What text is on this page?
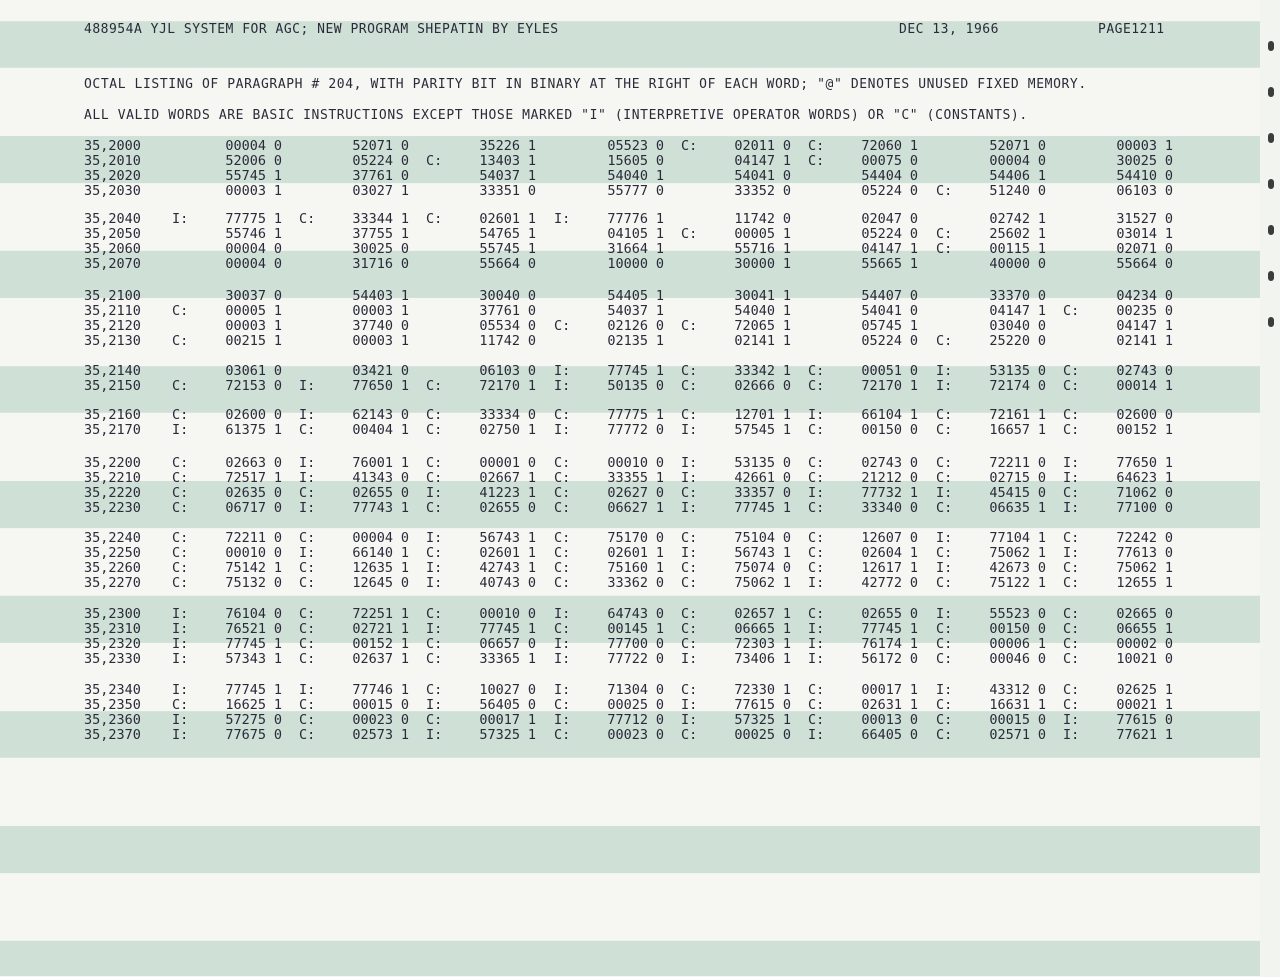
488954A YJL SYSTEM FOR AGC; NEW PROGRAM SHEPATIN BY EYLES	DEC 13, 1966	PAGE1211
OCTAL LISTING OF PARAGRAPH # 204, WITH PARITY BIT IN BINARY AT THE RIGHT OF EACH WORD; "@" DENOTES UNUSED FIXED MEMORY.
ALL VALID WORDS ARE BASIC INSTRUCTIONS EXCEPT THOSE MARKED "I" (INTERPRETIVE OPERATOR WORDS) OR "C" (CONSTANTS).
35,2000	00004 0	52071 0	35226 1	05523 0 C:	02011 0 C:	72060 1	52071 0	00003 1
35,2010	52006 0	05224 0 C:	13403 1	15605 0	04147 1 C:	00075 0	00004 0	30025 0
35,2020	55745 1	37761 0	54037 1	54040 1	54041 0	54404 0	54406 1	54410 0
35,2030	00003 1	03027 1	33351 0	55777 0	33352 0	05224 0 C:	51240 0	06103 0
35,2040	I:	77775 1 C:	33344 1 C:	02601 1 I:	77776 1	11742 0	02047 0	02742 1	31527 0
35,2050	55746 1	37755 1	54765 1	04105 1 C:	00005 1	05224 0 C:	25602 1	03014 1
35,2060	00004 0	30025 0	55745 1	31664 1	55716 1	04147 1 C:	00115 1	02071 0
35,2070	00004 0	31716 0	55664 0	10000 0	30000 1	55665 1	40000 0	55664 0
35,2100	30037 0	54403 1	30040 0	54405 1	30041 1	54407 0	33370 0	04234 0
35,2110	C:	00005 1	00003 1	37761 0	54037 1	54040 1	54041 0	04147 1 C:	00235 0
35,2120	00003 1	37740 0	05534 0 C:	02126 0 C:	72065 1	05745 1	03040 0	04147 1
35,2130	C:	00215 1	00003 1	11742 0	02135 1	02141 1	05224 0 C:	25220 0	02141 1
35,2140	03061 0	03421 0	06103 0 I:	77745 1 C:	33342 1 C:	00051 0 I:	53135 0 C:	02743 0
35,2150	C:	72153 0 I:	77650 1 C:	72170 1 I:	50135 0 C:	02666 0 C:	72170 1 I:	72174 0 C:	00014 1
35,2160	C:	02600 0 I:	62143 0 C:	33334 0 C:	77775 1 C:	12701 1 I:	66104 1 C:	72161 1 C:	02600 0
35,2170	I:	61375 1 C:	00404 1 C:	02750 1 I:	77772 0 I:	57545 1 C:	00150 0 C:	16657 1 C:	00152 1
35,2200	C:	02663 0 I:	76001 1 C:	00001 0 C:	00010 0 I:	53135 0 C:	02743 0 C:	72211 0 I:	77650 1
35,2210	C:	72517 1 I:	41343 0 C:	02667 1 C:	33355 1 I:	42661 0 C:	21212 0 C:	02715 0 I:	64623 1
35,2220	C:	02635 0 C:	02655 0 I:	41223 1 C:	02627 0 C:	33357 0 I:	77732 1 I:	45415 0 C:	71062 0
35,2230	C:	06717 0 I:	77743 1 C:	02655 0 C:	06627 1 I:	77745 1 C:	33340 0 C:	06635 1 I:	77100 0
35,2240	C:	72211 0 C:	00004 0 I:	56743 1 C:	75170 0 C:	75104 0 C:	12607 0 I:	77104 1 C:	72242 0
35,2250	C:	00010 0 I:	66140 1 C:	02601 1 C:	02601 1 I:	56743 1 C:	02604 1 C:	75062 1 I:	77613 0
35,2260	C:	75142 1 C:	12635 1 I:	42743 1 C:	75160 1 C:	75074 0 C:	12617 1 I:	42673 0 C:	75062 1
35,2270	C:	75132 0 C:	12645 0 I:	40743 0 C:	33362 0 C:	75062 1 I:	42772 0 C:	75122 1 C:	12655 1
35,2300	I:	76104 0 C:	72251 1 C:	00010 0 I:	64743 0 C:	02657 1 C:	02655 0 I:	55523 0 C:	02665 0
35,2310	I:	76521 0 C:	02721 1 I:	77745 1 C:	00145 1 C:	06665 1 I:	77745 1 C:	00150 0 C:	06655 1
35,2320	I:	77745 1 C:	00152 1 C:	06657 0 I:	77700 0 C:	72303 1 I:	76174 1 C:	00006 1 C:	00002 0
35,2330	I:	57343 1 C:	02637 1 C:	33365 1 I:	77722 0 I:	73406 1 I:	56172 0 C:	00046 0 C:	10021 0
35,2340	I:	77745 1 I:	77746 1 C:	10027 0 I:	71304 0 C:	72330 1 C:	00017 1 I:	43312 0 C:	02625 1
35,2350	C:	16625 1 C:	00015 0 I:	56405 0 C:	00025 0 I:	77615 0 C:	02631 1 C:	16631 1 C:	00021 1
35,2360	I:	57275 0 C:	00023 0 C:	00017 1 I:	77712 0 I:	57325 1 C:	00013 0 C:	00015 0 I:	77615 0
35,2370	I:	77675 0 C:	02573 1 I:	57325 1 C:	00023 0 C:	00025 0 I:	66405 0 C:	02571 0 I:	77621 1
